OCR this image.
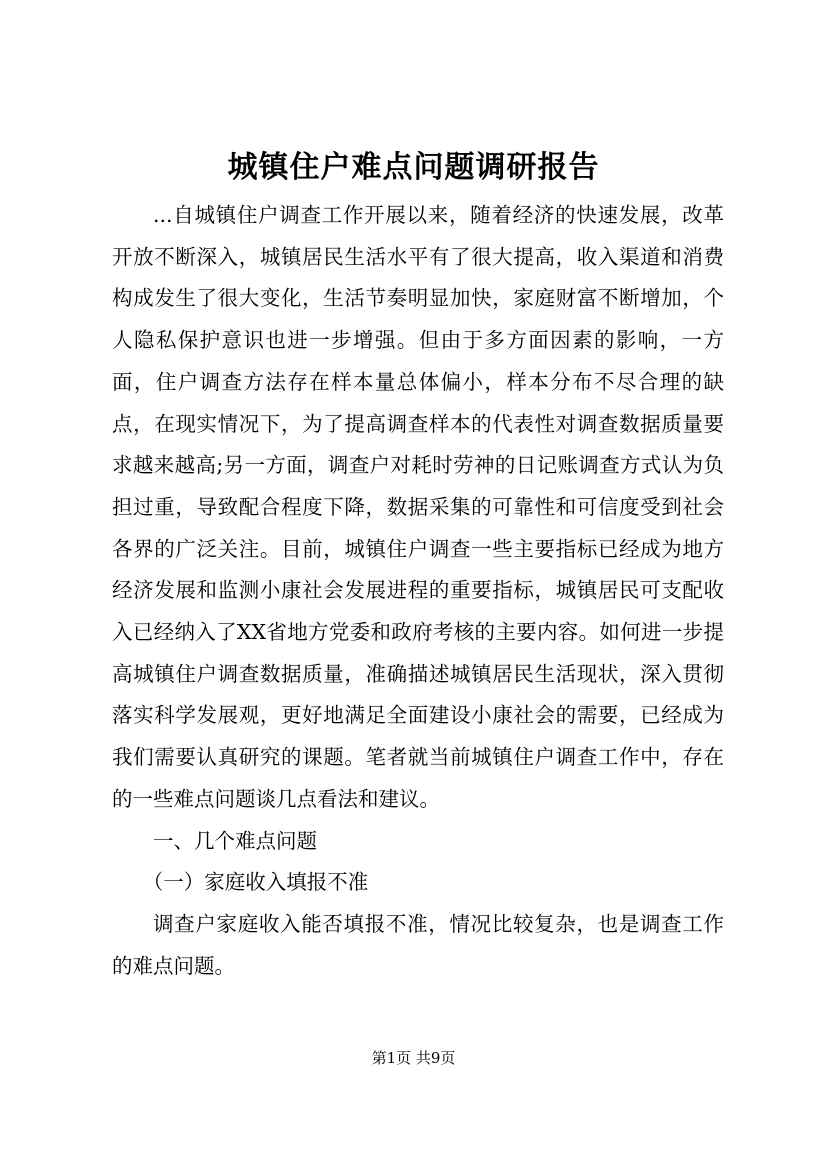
城镇住户难点问题调研报告

...自城镇住户调查工作开展以来，随着经济的快速发展，改革开放不断深入，城镇居民生活水平有了很大提高，收入渠道和消费构成发生了很大变化，生活节奏明显加快，家庭财富不断增加，个人隐私保护意识也进一步增强。但由于多方面因素的影响，一方面，住户调查方法存在样本量总体偏小，样本分布不尽合理的缺点，在现实情况下，为了提高调查样本的代表性对调查数据质量要求越来越高;另一方面，调查户对耗时劳神的日记账调查方式认为负担过重，导致配合程度下降，数据采集的可靠性和可信度受到社会各界的广泛关注。目前，城镇住户调查一些主要指标已经成为地方经济发展和监测小康社会发展进程的重要指标，城镇居民可支配收入已经纳入了XX省地方党委和政府考核的主要内容。如何进一步提高城镇住户调查数据质量，准确描述城镇居民生活现状，深入贯彻落实科学发展观，更好地满足全面建设小康社会的需要，已经成为我们需要认真研究的课题。笔者就当前城镇住户调查工作中，存在的一些难点问题谈几点看法和建议。

一、几个难点问题

（一）家庭收入填报不准

调查户家庭收入能否填报不准，情况比较复杂，也是调查工作的难点问题。

第1页 共9页
